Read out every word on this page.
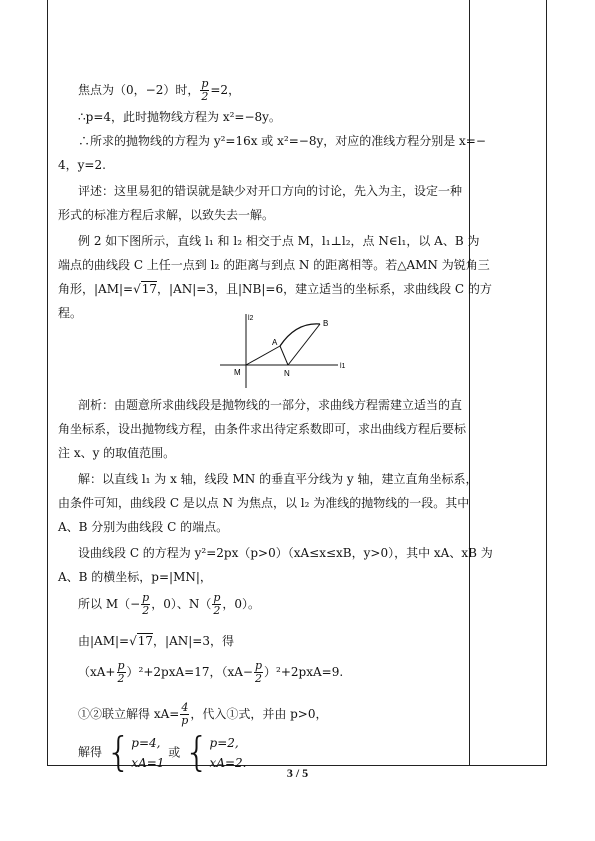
焦点为（0，−2）时， $\frac{p}{2} =2$，
∴p=4，此时抛物线方程为 x²=−8y。
∴所求的抛物线的方程为 y²=16x 或 x²=−8y，对应的准线方程分别是 x=−
4，y=2.
评述：这里易犯的错误就是缺少对开口方向的讨论，先入为主，设定一种
形式的标准方程后求解，以致失去一解。
例 2 如下图所示，直线 l₁ 和 l₂ 相交于点 M，l₁⊥l₂，点 N∈l₁，以 A、B 为
端点的曲线段 C 上任一点到 l₂ 的距离与到点 N 的距离相等。若△AMN 为锐角三
角形，|AM|=√17，|AN|=3，且|NB|=6，建立适当的坐标系，求曲线段 C 的方
程。	l2
l1
M	N
A
B
剖析：由题意所求曲线段是抛物线的一部分，求曲线方程需建立适当的直
角坐标系，设出抛物线方程，由条件求出待定系数即可，求出曲线方程后要标
注 x、y 的取值范围。
解：以直线 l₁ 为 x 轴，线段 MN 的垂直平分线为 y 轴，建立直角坐标系，
由条件可知，曲线段 C 是以点 N 为焦点，以 l₂ 为准线的抛物线的一段。其中
A、B 分别为曲线段 C 的端点。
设曲线段 C 的方程为 y²=2px（p>0）（xA≤x≤xB，y>0），其中 xA、xB 为
A、B 的横坐标，p=|MN|，
所以 $M(- \frac{p}{2}$ ，0）、$N( \frac{p}{2}$ ，0）。
由|AM|=√17，|AN|=3，得
$(xA+ \frac{p}{2} )^2+2pxA=17$，$(xA- \frac{p}{2} )^2+2pxA=9$.
①②联立解得 $xA= \frac{4}{p}$ ，代入①式，并由 p>0，
解得 { p=4,
xA=1
或 { p=2,
xA=2.
3 / 5
